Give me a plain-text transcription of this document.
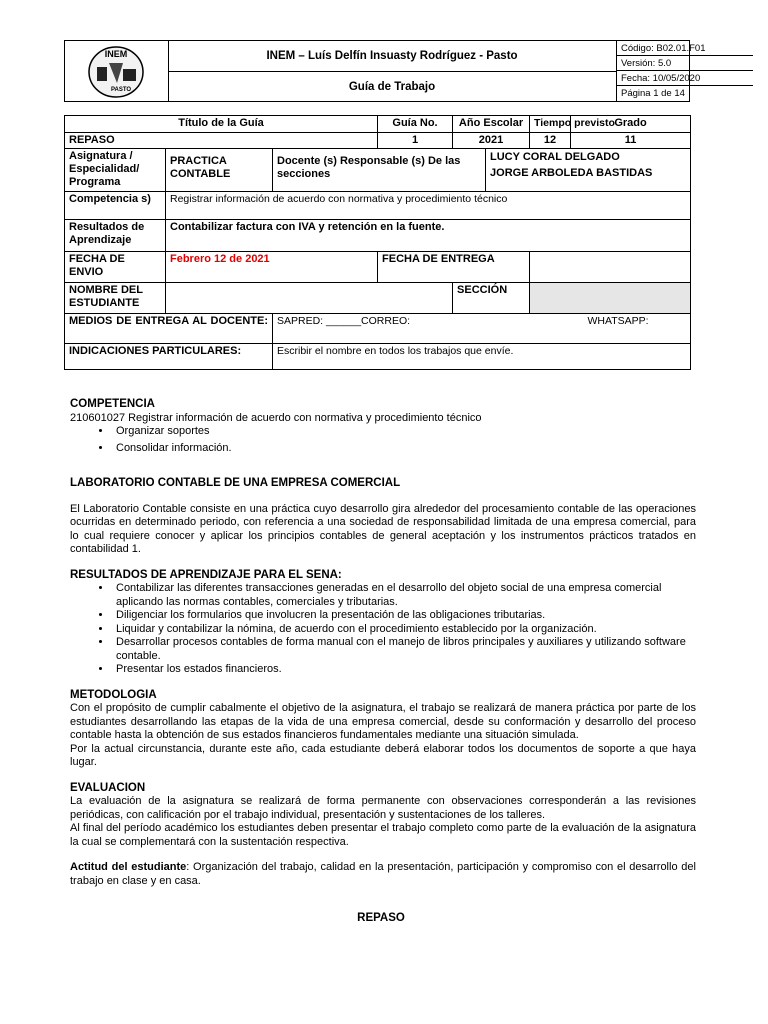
INEM
PASTO
INEM – Luís Delfín Insuasty Rodríguez - Pasto
Guía de Trabajo
Código: B02.01.F01
Versión: 5.0
Fecha: 10/05/2020
Página 1 de 14
Título de la Guía			Guía No.	Año Escolar		Tiempo previsto	Grado
REPASO			1	2021		12	11
Asignatura / Especialidad/ Programa	PRACTICA CONTABLE	Docente (s) Responsable (s) De las secciones			LUCY CORAL DELGADO
JORGE ARBOLEDA BASTIDAS		

Competencia s)	Registrar información de acuerdo con normativa y procedimiento técnico						
Resultados de Aprendizaje	Contabilizar factura con IVA y retención en la fuente.						
FECHA DE ENVIO	Febrero 12 de 2021		FECHA DE ENTREGA				
NOMBRE DEL ESTUDIANTE				SECCIÓN			
MEDIOS DE ENTREGA AL DOCENTE:		SAPRED: ______CORREO: WHATSAPP:					

INDICACIONES PARTICULARES:		Escribir el nombre en todos los trabajos que envíe.					
COMPETENCIA

210601027 Registrar información de acuerdo con normativa y procedimiento técnico

• Organizar soportes
• Consolidar información.
LABORATORIO CONTABLE DE UNA EMPRESA COMERCIAL

El Laboratorio Contable consiste en una práctica cuyo desarrollo gira alrededor del procesamiento contable de las operaciones ocurridas en determinado periodo, con referencia a una sociedad de responsabilidad limitada de una empresa comercial, para lo cual requiere conocer y aplicar los principios contables de general aceptación y los instrumentos prácticos tratados en contabilidad 1.

RESULTADOS DE APRENDIZAJE PARA EL SENA:
• Contabilizar las diferentes transacciones generadas en el desarrollo del objeto social de una empresa comercial aplicando las normas contables, comerciales y tributarias.
• Diligenciar los formularios que involucren la presentación de las obligaciones tributarias.
• Liquidar y contabilizar la nómina, de acuerdo con el procedimiento establecido por la organización.
• Desarrollar procesos contables de forma manual con el manejo de libros principales y auxiliares y utilizando software contable.
• Presentar los estados financieros.
METODOLOGIA

Con el propósito de cumplir cabalmente el objetivo de la asignatura, el trabajo se realizará de manera práctica por parte de los estudiantes desarrollando las etapas de la vida de una empresa comercial, desde su conformación y desarrollo del proceso contable hasta la obtención de sus estados financieros fundamentales mediante una situación simulada.

Por la actual circunstancia, durante este año, cada estudiante deberá elaborar todos los documentos de soporte a que haya lugar.

EVALUACION

La evaluación de la asignatura se realizará de forma permanente con observaciones corresponderán a las revisiones periódicas, con calificación por el trabajo individual, presentación y sustentaciones de los talleres.

Al final del período académico los estudiantes deben presentar el trabajo completo como parte de la evaluación de la asignatura la cual se complementará con la sustentación respectiva.

Actitud del estudiante: Organización del trabajo, calidad en la presentación, participación y compromiso con el desarrollo del trabajo en clase y en casa.

REPASO
